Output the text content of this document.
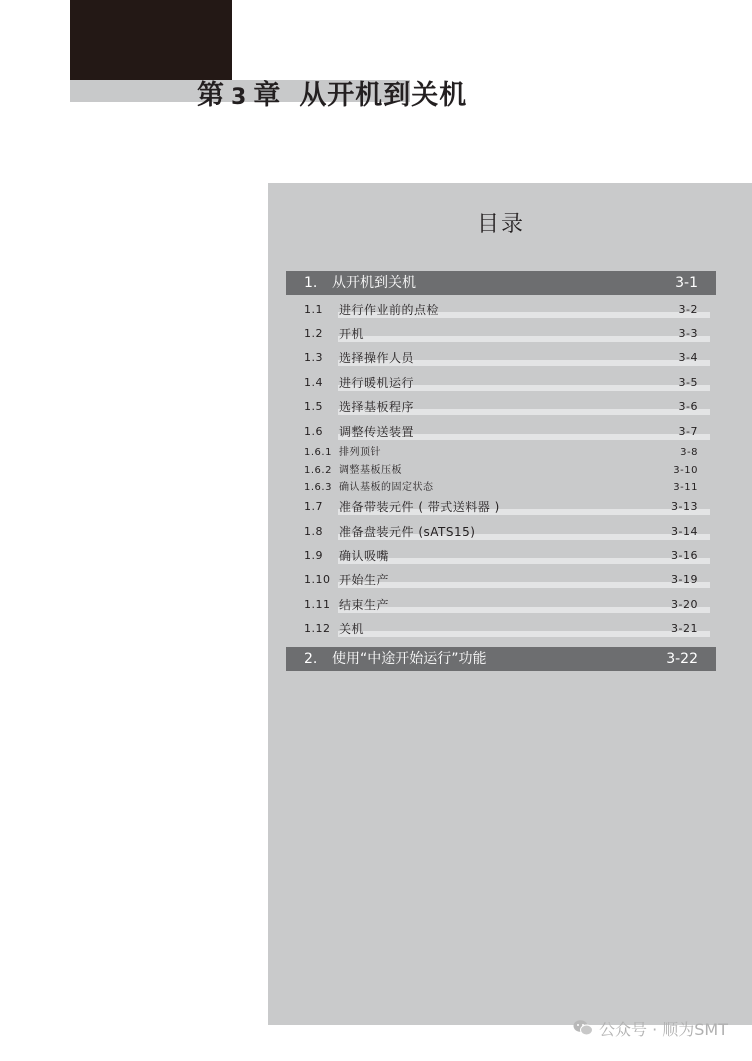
第 3 章 从开机到关机
目录
1. 从开机到关机	3-1
1.1 进行作业前的点检	3-2
1.2 开机	3-3
1.3 选择操作人员	3-4
1.4 进行暖机运行	3-5
1.5 选择基板程序	3-6
1.6 调整传送装置	3-7
1.6.1 排列顶针	3-8
1.6.2 调整基板压板	3-10
1.6.3 确认基板的固定状态	3-11
1.7 准备带装元件 ( 带式送料器 )	3-13
1.8 准备盘装元件 (sATS15)	3-14
1.9 确认吸嘴	3-16
1.10 开始生产	3-19
1.11 结束生产	3-20
1.12 关机	3-21
2. 使用“中途开始运行”功能	3-22
公众号 · 顺为SMT
